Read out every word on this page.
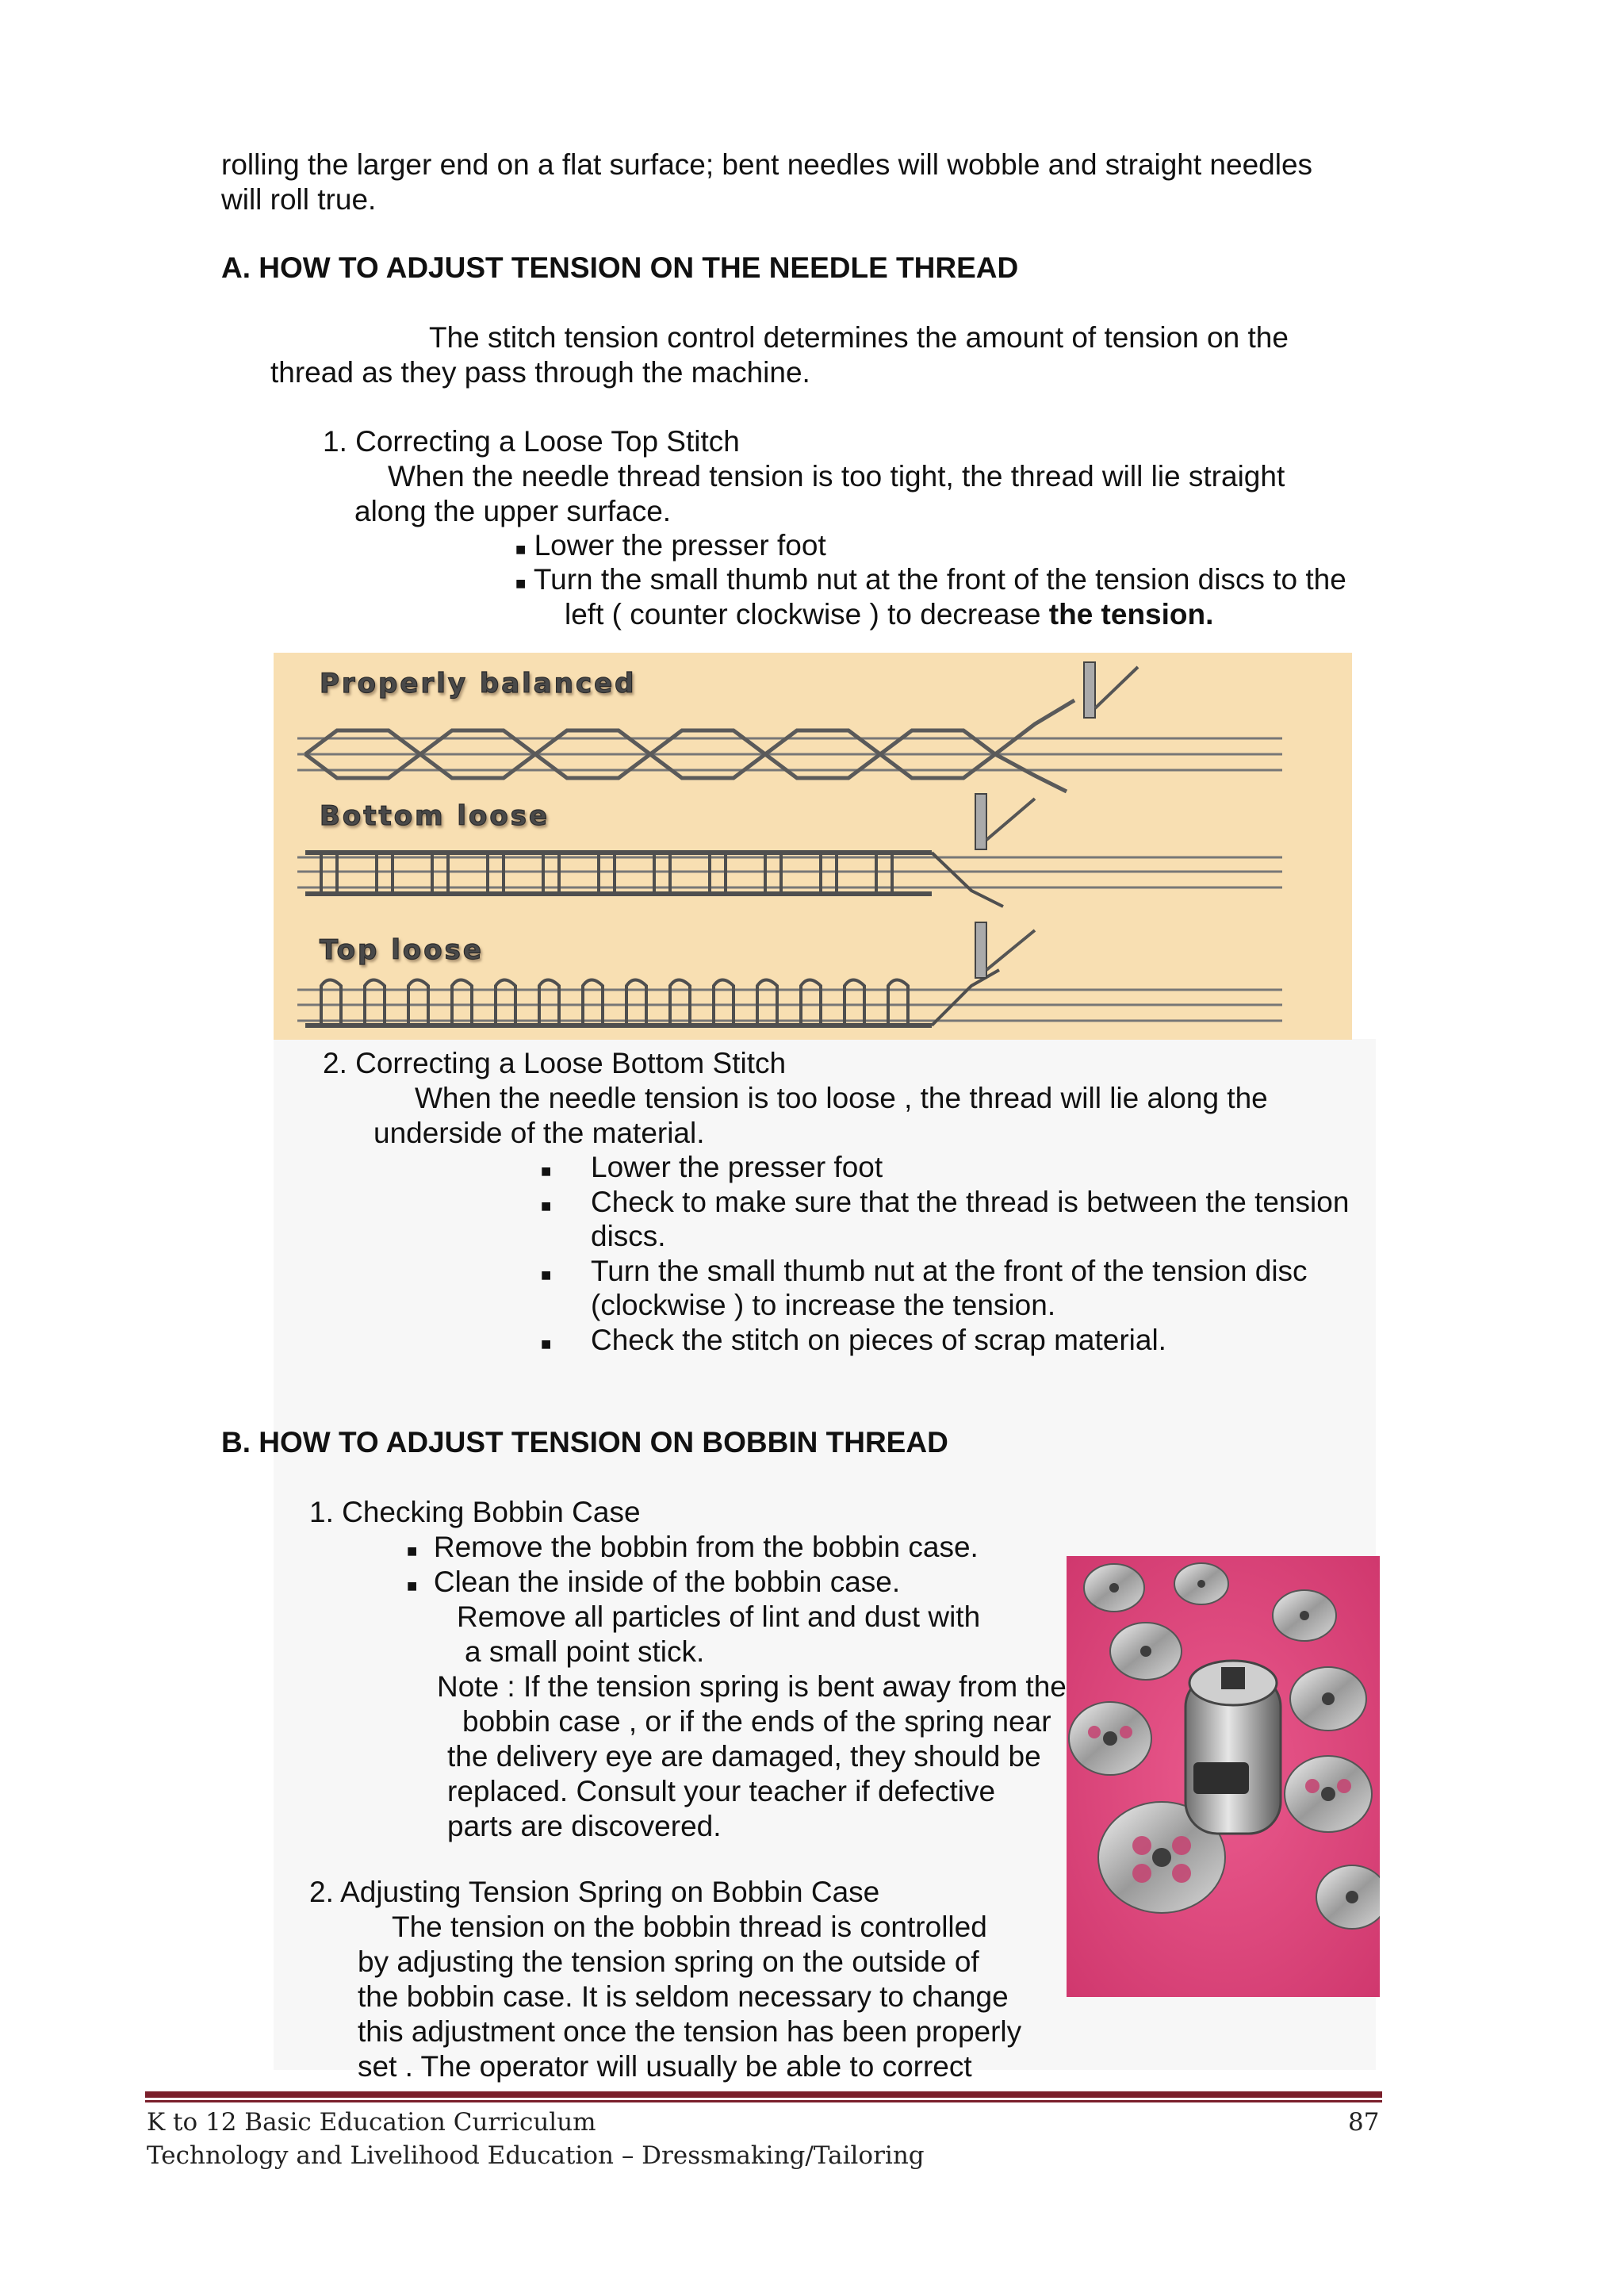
rolling the larger end on a flat surface; bent needles will wobble and straight needles
will roll true.
A. HOW TO ADJUST TENSION ON THE NEEDLE THREAD
The stitch tension control determines the amount of tension on the
thread as they pass through the machine.
1. Correcting a Loose Top Stitch
When the needle thread tension is too tight, the thread will lie straight
along the upper surface.
■ Lower the presser foot
■ Turn the small thumb nut at the front of the tension discs to the
left ( counter clockwise ) to decrease the tension.
Properly balanced
Bottom loose
Top loose
2. Correcting a Loose Bottom Stitch
When the needle tension is too loose , the thread will lie along the
underside of the material.
■ Lower the presser foot
■ Check to make sure that the thread is between the tension
discs.
■ Turn the small thumb nut at the front of the tension disc
(clockwise ) to increase the tension.
■ Check the stitch on pieces of scrap material.
B. HOW TO ADJUST TENSION ON BOBBIN THREAD
1. Checking Bobbin Case
■ Remove the bobbin from the bobbin case.
■ Clean the inside of the bobbin case.
Remove all particles of lint and dust with
a small point stick.
Note : If the tension spring is bent away from the
bobbin case , or if the ends of the spring near
the delivery eye are damaged, they should be
replaced. Consult your teacher if defective
parts are discovered.
2. Adjusting Tension Spring on Bobbin Case
The tension on the bobbin thread is controlled
by adjusting the tension spring on the outside of
the bobbin case. It is seldom necessary to change
this adjustment once the tension has been properly
set . The operator will usually be able to correct
K to 12 Basic Education Curriculum
Technology and Livelihood Education – Dressmaking/Tailoring
87
